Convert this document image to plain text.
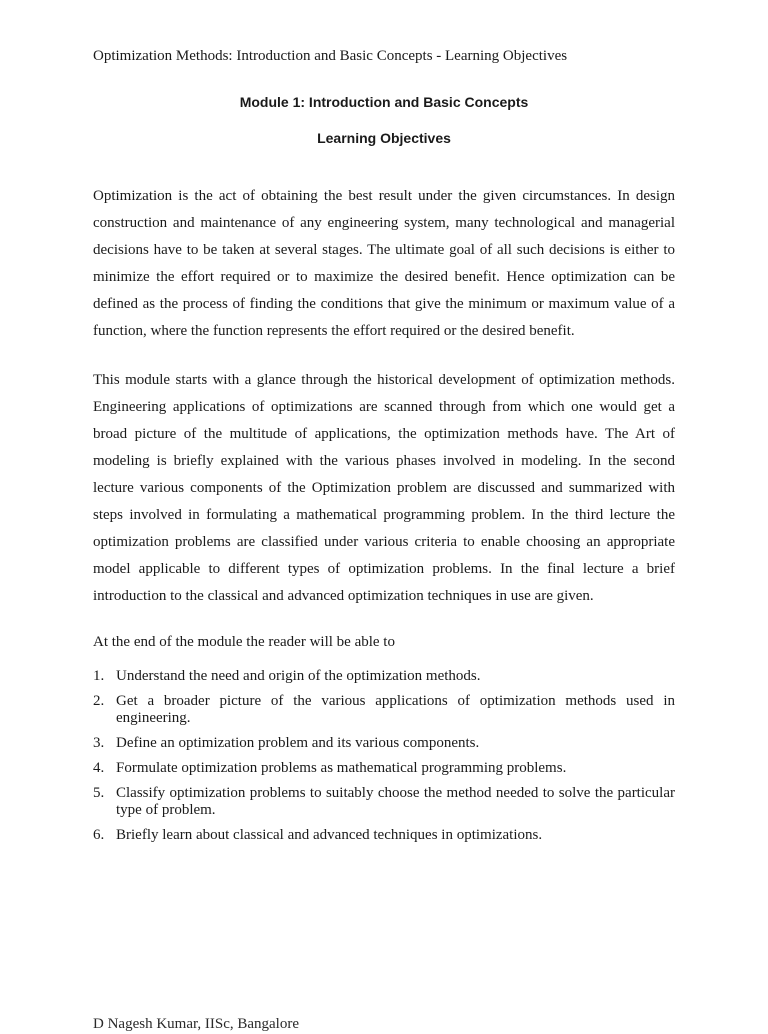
Optimization Methods: Introduction and Basic Concepts - Learning Objectives
Module 1: Introduction and Basic Concepts
Learning Objectives

Optimization is the act of obtaining the best result under the given circumstances. In design construction and maintenance of any engineering system, many technological and managerial decisions have to be taken at several stages. The ultimate goal of all such decisions is either to minimize the effort required or to maximize the desired benefit. Hence optimization can be defined as the process of finding the conditions that give the minimum or maximum value of a function, where the function represents the effort required or the desired benefit.

This module starts with a glance through the historical development of optimization methods. Engineering applications of optimizations are scanned through from which one would get a broad picture of the multitude of applications, the optimization methods have. The Art of modeling is briefly explained with the various phases involved in modeling. In the second lecture various components of the Optimization problem are discussed and summarized with steps involved in formulating a mathematical programming problem. In the third lecture the optimization problems are classified under various criteria to enable choosing an appropriate model applicable to different types of optimization problems. In the final lecture a brief introduction to the classical and advanced optimization techniques in use are given.

At the end of the module the reader will be able to
1. Understand the need and origin of the optimization methods.
2. Get a broader picture of the various applications of optimization methods used in engineering.
3. Define an optimization problem and its various components.
4. Formulate optimization problems as mathematical programming problems.
5. Classify optimization problems to suitably choose the method needed to solve the particular type of problem.
6. Briefly learn about classical and advanced techniques in optimizations.
D Nagesh Kumar, IISc, Bangalore
